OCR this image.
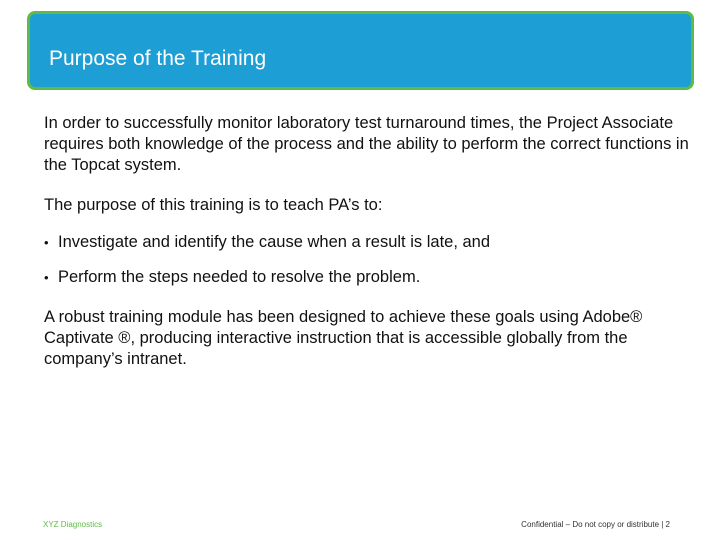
Purpose of the Training

In order to successfully monitor laboratory test turnaround times, the Project Associate requires both knowledge of the process and the ability to perform the correct functions in the Topcat system.

The purpose of this training is to teach PA’s to:

• Investigate and identify the cause when a result is late, and
• Perform the steps needed to resolve the problem.

A robust training module has been designed to achieve these goals using Adobe® Captivate ®, producing interactive instruction that is accessible globally from the company’s intranet.

XYZ Diagnostics	Confidential – Do not copy or distribute | 2
